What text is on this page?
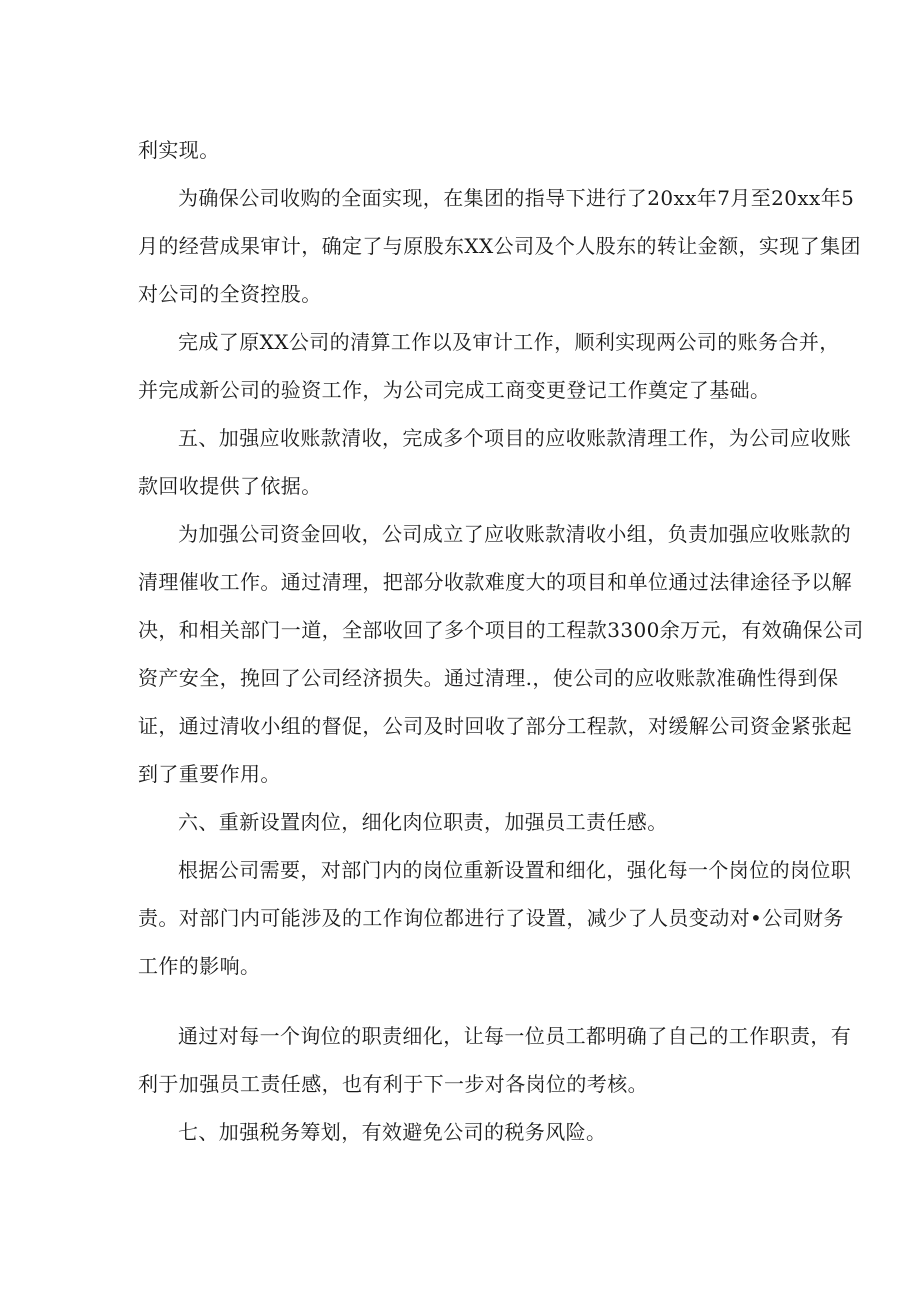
利实现。
为确保公司收购的全面实现，在集团的指导下进行了20xx年7月至20xx年5
月的经营成果审计，确定了与原股东XX公司及个人股东的转让金额，实现了集团
对公司的全资控股。
完成了原XX公司的清算工作以及审计工作，顺利实现两公司的账务合并，
并完成新公司的验资工作，为公司完成工商变更登记工作奠定了基础。
五、加强应收账款清收，完成多个项目的应收账款清理工作，为公司应收账
款回收提供了依据。
为加强公司资金回收，公司成立了应收账款清收小组，负责加强应收账款的
清理催收工作。通过清理，把部分收款难度大的项目和单位通过法律途径予以解
决，和相关部门一道，全部收回了多个项目的工程款3300余万元，有效确保公司
资产安全，挽回了公司经济损失。通过清理.，使公司的应收账款准确性得到保
证，通过清收小组的督促，公司及时回收了部分工程款，对缓解公司资金紧张起
到了重要作用。
六、重新设置肉位，细化肉位职责，加强员工责任感。
根据公司需要，对部门内的岗位重新设置和细化，强化每一个岗位的岗位职
责。对部门内可能涉及的工作询位都进行了设置，减少了人员变动对•公司财务
工作的影响。
通过对每一个询位的职责细化，让每一位员工都明确了自己的工作职责，有
利于加强员工责任感，也有利于下一步对各岗位的考核。
七、加强税务筹划，有效避免公司的税务风险。
